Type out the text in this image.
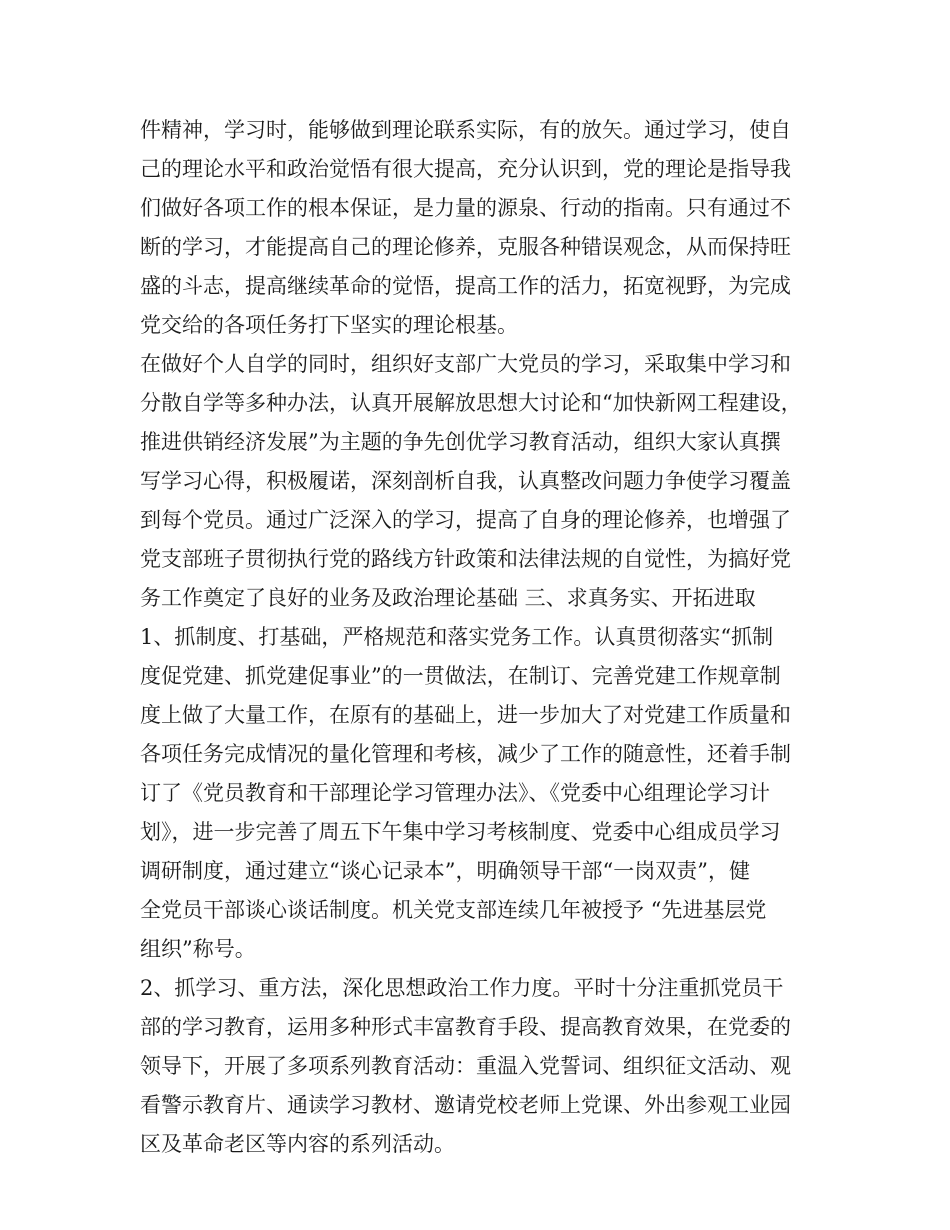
件精神，学习时，能够做到理论联系实际，有的放矢。通过学习，使自
己的理论水平和政治觉悟有很大提高，充分认识到，党的理论是指导我
们做好各项工作的根本保证，是力量的源泉、行动的指南。只有通过不
断的学习，才能提高自己的理论修养，克服各种错误观念，从而保持旺
盛的斗志，提高继续革命的觉悟，提高工作的活力，拓宽视野，为完成
党交给的各项任务打下坚实的理论根基。
在做好个人自学的同时，组织好支部广大党员的学习，采取集中学习和
分散自学等多种办法，认真开展解放思想大讨论和“加快新网工程建设，
推进供销经济发展”为主题的争先创优学习教育活动，组织大家认真撰
写学习心得，积极履诺，深刻剖析自我，认真整改问题力争使学习覆盖
到每个党员。通过广泛深入的学习，提高了自身的理论修养，也增强了
党支部班子贯彻执行党的路线方针政策和法律法规的自觉性，为搞好党
务工作奠定了良好的业务及政治理论基础 三、求真务实、开拓进取
1、抓制度、打基础，严格规范和落实党务工作。认真贯彻落实“抓制
度促党建、抓党建促事业”的一贯做法，在制订、完善党建工作规章制
度上做了大量工作，在原有的基础上，进一步加大了对党建工作质量和
各项任务完成情况的量化管理和考核，减少了工作的随意性，还着手制
订了《党员教育和干部理论学习管理办法》、《党委中心组理论学习计
划》，进一步完善了周五下午集中学习考核制度、党委中心组成员学习
调研制度，通过建立“谈心记录本”，明确领导干部“一岗双责”，健
全党员干部谈心谈话制度。机关党支部连续几年被授予 “先进基层党
组织”称号。
2、抓学习、重方法，深化思想政治工作力度。平时十分注重抓党员干
部的学习教育，运用多种形式丰富教育手段、提高教育效果，在党委的
领导下，开展了多项系列教育活动：重温入党誓词、组织征文活动、观
看警示教育片、通读学习教材、邀请党校老师上党课、外出参观工业园
区及革命老区等内容的系列活动。
